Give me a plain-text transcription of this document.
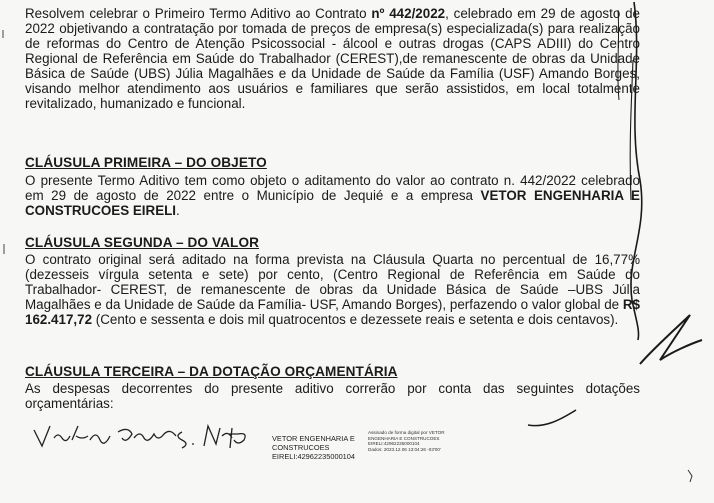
Resolvem celebrar o Primeiro Termo Aditivo ao Contrato nº 442/2022, celebrado em 29 de agosto de 2022 objetivando a contratação por tomada de preços de empresa(s) especializada(s) para realização de reformas do Centro de Atenção Psicossocial - álcool e outras drogas (CAPS ADIII) do Centro Regional de Referência em Saúde do Trabalhador (CEREST),de remanescente de obras da Unidade Básica de Saúde (UBS) Júlia Magalhães e da Unidade de Saúde da Família (USF) Amando Borges, visando melhor atendimento aos usuários e familiares que serão assistidos, em local totalmente revitalizado, humanizado e funcional.

CLÁUSULA PRIMEIRA – DO OBJETO

O presente Termo Aditivo tem como objeto o aditamento do valor ao contrato n. 442/2022 celebrado em 29 de agosto de 2022 entre o Município de Jequié e a empresa VETOR ENGENHARIA E CONSTRUCOES EIRELI.

CLÁUSULA SEGUNDA – DO VALOR

O contrato original será aditado na forma prevista na Cláusula Quarta no percentual de 16,77% (dezesseis vírgula setenta e sete) por cento, (Centro Regional de Referência em Saúde do Trabalhador- CEREST, de remanescente de obras da Unidade Básica de Saúde –UBS Júlia Magalhães e da Unidade de Saúde da Família- USF, Amando Borges), perfazendo o valor global de R$ 162.417,72 (Cento e sessenta e dois mil quatrocentos e dezessete reais e setenta e dois centavos).

CLÁUSULA TERCEIRA – DA DOTAÇÃO ORÇAMENTÁRIA

As despesas decorrentes do presente aditivo correrão por conta das seguintes dotações orçamentárias:

VETOR ENGENHARIA E
CONSTRUCOES
EIRELI:42962235000104
Assinado de forma digital por VETOR
ENGENHARIA E CONSTRUCOES
EIRELI:42962235000104
Dados: 2023.12.06 13:04:26 -03'00'
